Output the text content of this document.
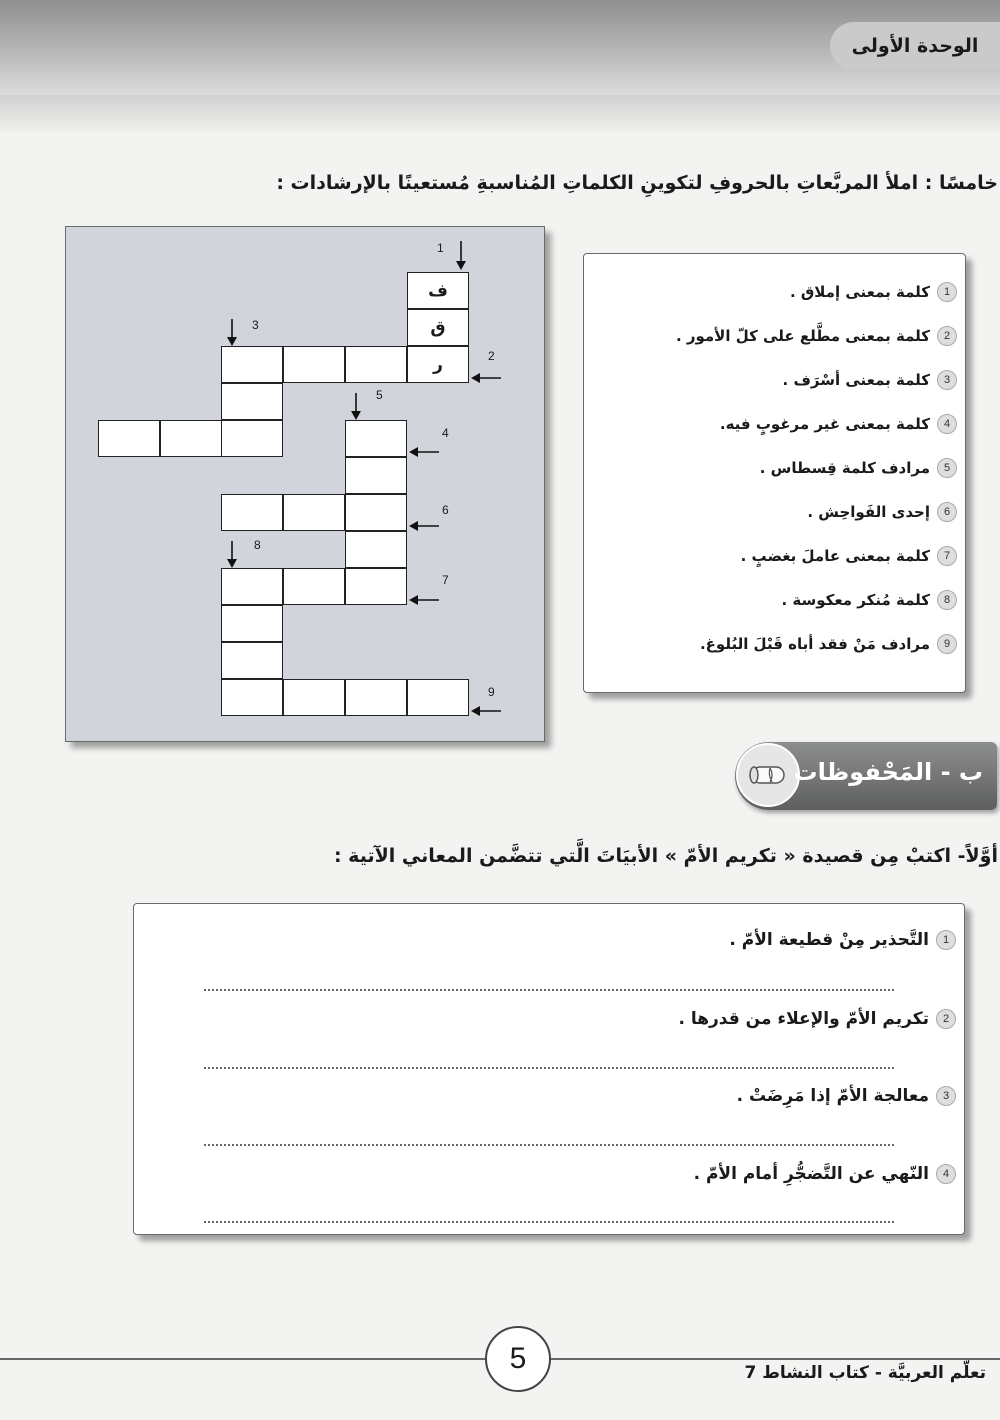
الوحدة الأولى
خامسًا : املأ المربَّعاتِ بالحروفِ لتكوينِ الكلماتِ المُناسبةِ مُستعينًا بالإرشادات :
ف
ق
ر
1
2
3
4
5
6
7
8
9
1
كلمة بمعنى إملاق .
2
كلمة بمعنى مطَّلع على كلّ الأمور .
3
كلمة بمعنى أسْرَف .
4
كلمة بمعنى غير مرغوبٍ فيه.
5
مرادف كلمة قِسطاس .
6
إحدى الفَواحِش .
7
كلمة بمعنى عاملَ بغضبٍ .
8
كلمة مُنكر معكوسة .
9
مرادف مَنْ فقد أباه قَبْلَ البُلوغ.
ب - المَحْفوظات
أوَّلاً- اكتبْ مِن قصيدة « تكريم الأمّ » الأبيَاتَ الَّتي تتضَّمن المعاني الآتية :
1
التَّحذير مِنْ قطيعة الأمّ .
2
تكريم الأمّ والإعلاء من قدرها .
3
معالجة الأمّ إذا مَرِضَتْ .
4
النّهي عن التَّضجُّرِ أمام الأمّ .
5	تعلّم العربيَّة - كتاب النشاط 7
